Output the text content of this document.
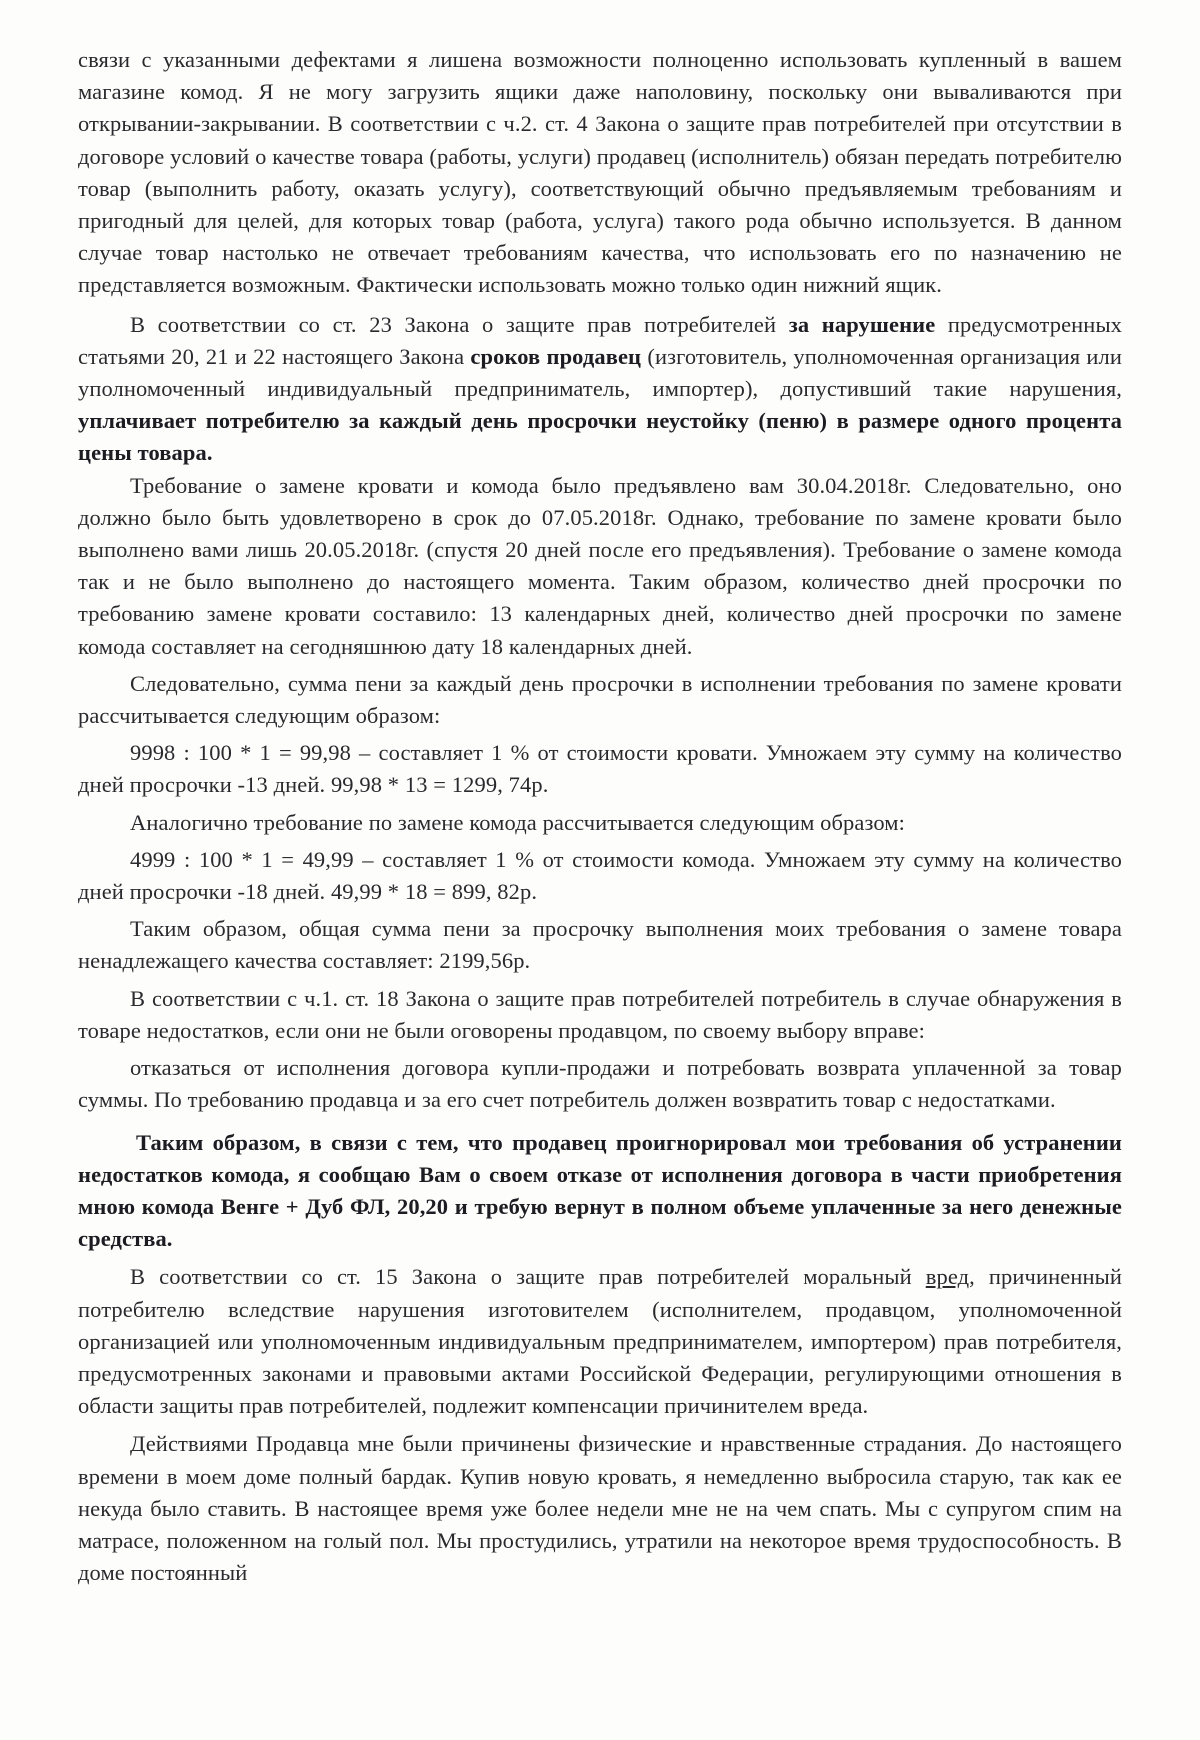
связи с указанными дефектами я лишена возможности полноценно использовать купленный в вашем магазине комод. Я не могу загрузить ящики даже наполовину, поскольку они вываливаются при открывании-закрывании. В соответствии с ч.2. ст. 4 Закона о защите прав потребителей при отсутствии в договоре условий о качестве товара (работы, услуги) продавец (исполнитель) обязан передать потребителю товар (выполнить работу, оказать услугу), соответствующий обычно предъявляемым требованиям и пригодный для целей, для которых товар (работа, услуга) такого рода обычно используется. В данном случае товар настолько не отвечает требованиям качества, что использовать его по назначению не представляется возможным. Фактически использовать можно только один нижний ящик.

В соответствии со ст. 23 Закона о защите прав потребителей за нарушение предусмотренных статьями 20, 21 и 22 настоящего Закона сроков продавец (изготовитель, уполномоченная организация или уполномоченный индивидуальный предприниматель, импортер), допустивший такие нарушения, уплачивает потребителю за каждый день просрочки неустойку (пеню) в размере одного процента цены товара.

Требование о замене кровати и комода было предъявлено вам 30.04.2018г. Следовательно, оно должно было быть удовлетворено в срок до 07.05.2018г. Однако, требование по замене кровати было выполнено вами лишь 20.05.2018г. (спустя 20 дней после его предъявления). Требование о замене комода так и не было выполнено до настоящего момента. Таким образом, количество дней просрочки по требованию замене кровати составило: 13 календарных дней, количество дней просрочки по замене комода составляет на сегодняшнюю дату 18 календарных дней.

Следовательно, сумма пени за каждый день просрочки в исполнении требования по замене кровати рассчитывается следующим образом:

9998 : 100 * 1 = 99,98 – составляет 1 % от стоимости кровати. Умножаем эту сумму на количество дней просрочки -13 дней. 99,98 * 13 = 1299, 74р.

Аналогично требование по замене комода рассчитывается следующим образом:

4999 : 100 * 1 = 49,99 – составляет 1 % от стоимости комода. Умножаем эту сумму на количество дней просрочки -18 дней. 49,99 * 18 = 899, 82р.

Таким образом, общая сумма пени за просрочку выполнения моих требования о замене товара ненадлежащего качества составляет: 2199,56р.

В соответствии с ч.1. ст. 18 Закона о защите прав потребителей потребитель в случае обнаружения в товаре недостатков, если они не были оговорены продавцом, по своему выбору вправе:

отказаться от исполнения договора купли-продажи и потребовать возврата уплаченной за товар суммы. По требованию продавца и за его счет потребитель должен возвратить товар с недостатками.

Таким образом, в связи с тем, что продавец проигнорировал мои требования об устранении недостатков комода, я сообщаю Вам о своем отказе от исполнения договора в части приобретения мною комода Венге + Дуб ФЛ, 20,20 и требую вернут в полном объеме уплаченные за него денежные средства.

В соответствии со ст. 15 Закона о защите прав потребителей моральный вред, причиненный потребителю вследствие нарушения изготовителем (исполнителем, продавцом, уполномоченной организацией или уполномоченным индивидуальным предпринимателем, импортером) прав потребителя, предусмотренных законами и правовыми актами Российской Федерации, регулирующими отношения в области защиты прав потребителей, подлежит компенсации причинителем вреда.

Действиями Продавца мне были причинены физические и нравственные страдания. До настоящего времени в моем доме полный бардак. Купив новую кровать, я немедленно выбросила старую, так как ее некуда было ставить. В настоящее время уже более недели мне не на чем спать. Мы с супругом спим на матрасе, положенном на голый пол. Мы простудились, утратили на некоторое время трудоспособность. В доме постоянный
